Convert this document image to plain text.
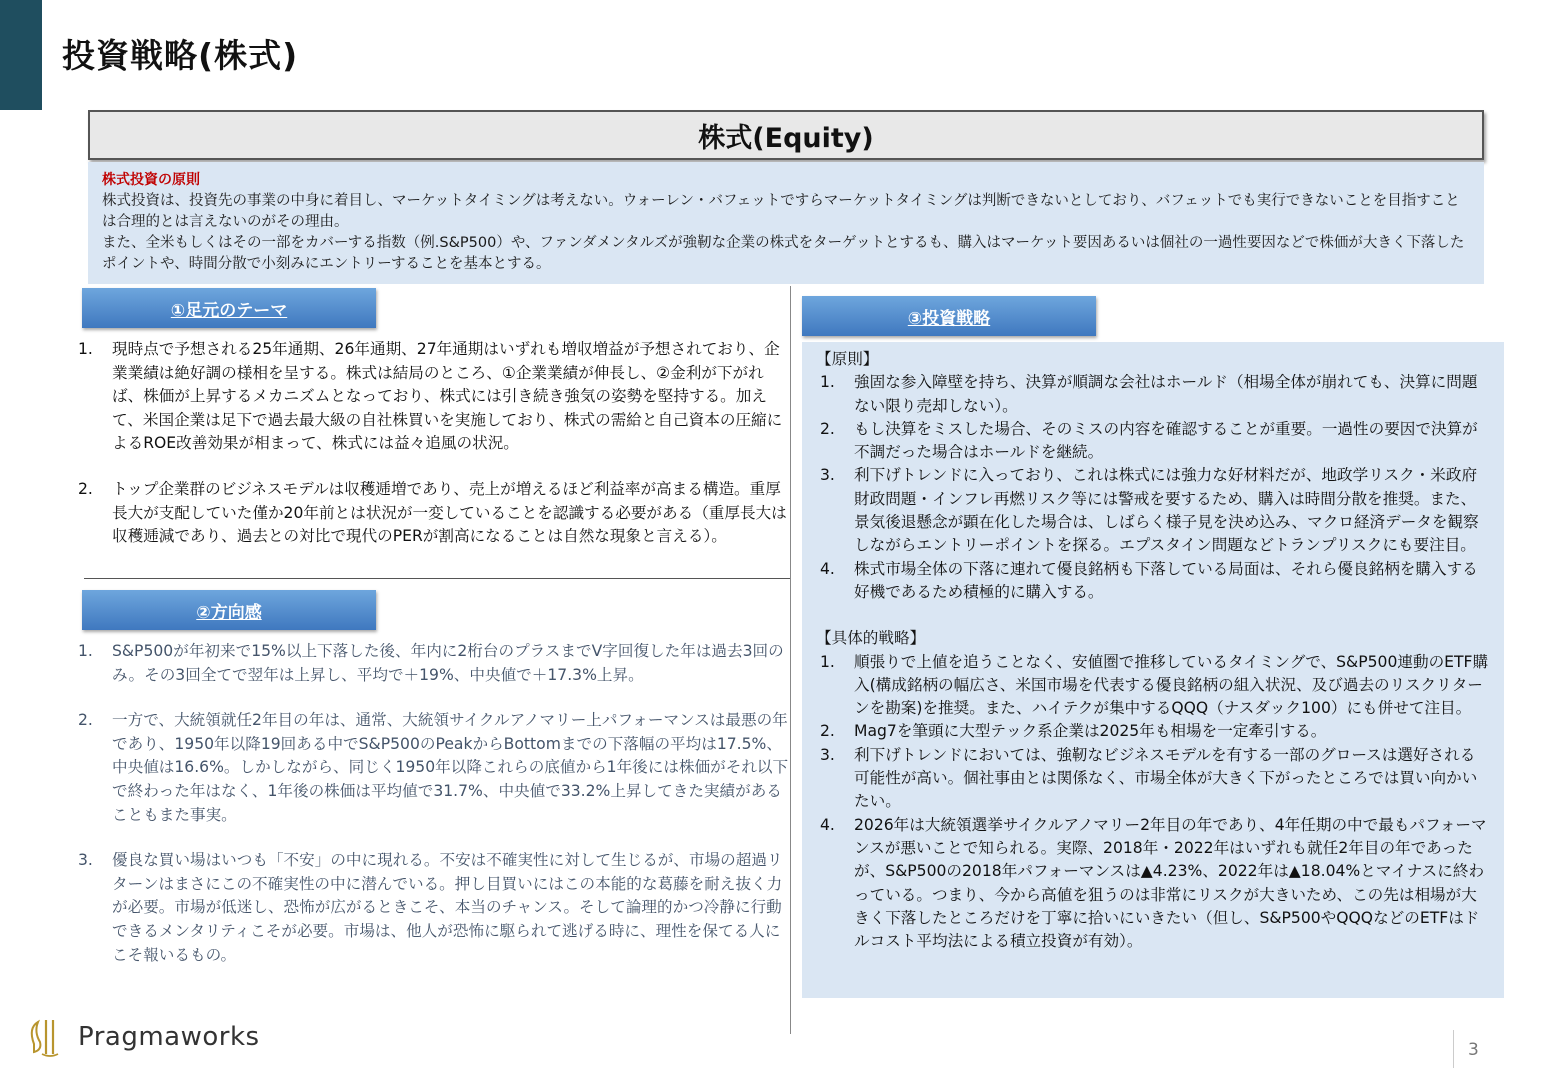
投資戦略(株式)
株式(Equity)
株式投資の原則
株式投資は、投資先の事業の中身に着目し、マーケットタイミングは考えない。ウォーレン・バフェットですらマーケットタイミングは判断できないとしており、バフェットでも実行できないことを目指すことは合理的とは言えないのがその理由。
また、全米もしくはその一部をカバーする指数（例.S&P500）や、ファンダメンタルズが強靭な企業の株式をターゲットとするも、購入はマーケット要因あるいは個社の一過性要因などで株価が大きく下落したポイントや、時間分散で小刻みにエントリーすることを基本とする。
①足元のテーマ
1. 現時点で予想される25年通期、26年通期、27年通期はいずれも増収増益が予想されており、企業業績は絶好調の様相を呈する。株式は結局のところ、①企業業績が伸長し、②金利が下がれば、株価が上昇するメカニズムとなっており、株式には引き続き強気の姿勢を堅持する。加えて、米国企業は足下で過去最大級の自社株買いを実施しており、株式の需給と自己資本の圧縮によるROE改善効果が相まって、株式には益々追風の状況。
2. トップ企業群のビジネスモデルは収穫逓増であり、売上が増えるほど利益率が高まる構造。重厚長大が支配していた僅か20年前とは状況が一変していることを認識する必要がある（重厚長大は収穫逓減であり、過去との対比で現代のPERが割高になることは自然な現象と言える）。
②方向感
1. S&P500が年初来で15%以上下落した後、年内に2桁台のプラスまでV字回復した年は過去3回のみ。その3回全てで翌年は上昇し、平均で＋19%、中央値で＋17.3%上昇。
2. 一方で、大統領就任2年目の年は、通常、大統領サイクルアノマリー上パフォーマンスは最悪の年であり、1950年以降19回ある中でS&P500のPeakからBottomまでの下落幅の平均は17.5%、中央値は16.6%。しかしながら、同じく1950年以降これらの底値から1年後には株価がそれ以下で終わった年はなく、1年後の株価は平均値で31.7%、中央値で33.2%上昇してきた実績があることもまた事実。
3. 優良な買い場はいつも「不安」の中に現れる。不安は不確実性に対して生じるが、市場の超過リターンはまさにこの不確実性の中に潜んでいる。押し目買いにはこの本能的な葛藤を耐え抜く力が必要。市場が低迷し、恐怖が広がるときこそ、本当のチャンス。そして論理的かつ冷静に行動できるメンタリティこそが必要。市場は、他人が恐怖に駆られて逃げる時に、理性を保てる人にこそ報いるもの。
③投資戦略
【原則】
1. 強固な参入障壁を持ち、決算が順調な会社はホールド（相場全体が崩れても、決算に問題ない限り売却しない）。
2. もし決算をミスした場合、そのミスの内容を確認することが重要。一過性の要因で決算が不調だった場合はホールドを継続。
3. 利下げトレンドに入っており、これは株式には強力な好材料だが、地政学リスク・米政府財政問題・インフレ再燃リスク等には警戒を要するため、購入は時間分散を推奨。また、景気後退懸念が顕在化した場合は、しばらく様子見を決め込み、マクロ経済データを観察しながらエントリーポイントを探る。エプスタイン問題などトランプリスクにも要注目。
4. 株式市場全体の下落に連れて優良銘柄も下落している局面は、それら優良銘柄を購入する好機であるため積極的に購入する。
【具体的戦略】
1. 順張りで上値を追うことなく、安値圏で推移しているタイミングで、S&P500連動のETF購入(構成銘柄の幅広さ、米国市場を代表する優良銘柄の組入状況、及び過去のリスクリターンを勘案)を推奨。また、ハイテクが集中するQQQ（ナスダック100）にも併せて注目。
2. Mag7を筆頭に大型テック系企業は2025年も相場を一定牽引する。
3. 利下げトレンドにおいては、強靭なビジネスモデルを有する一部のグロースは選好される可能性が高い。個社事由とは関係なく、市場全体が大きく下がったところでは買い向かいたい。
4. 2026年は大統領選挙サイクルアノマリー2年目の年であり、4年任期の中で最もパフォーマンスが悪いことで知られる。実際、2018年・2022年はいずれも就任2年目の年であったが、S&P500の2018年パフォーマンスは▲4.23%、2022年は▲18.04%とマイナスに終わっている。つまり、今から高値を狙うのは非常にリスクが大きいため、この先は相場が大きく下落したところだけを丁寧に拾いにいきたい（但し、S&P500やQQQなどのETFはドルコスト平均法による積立投資が有効）。
Pragmaworks	3
